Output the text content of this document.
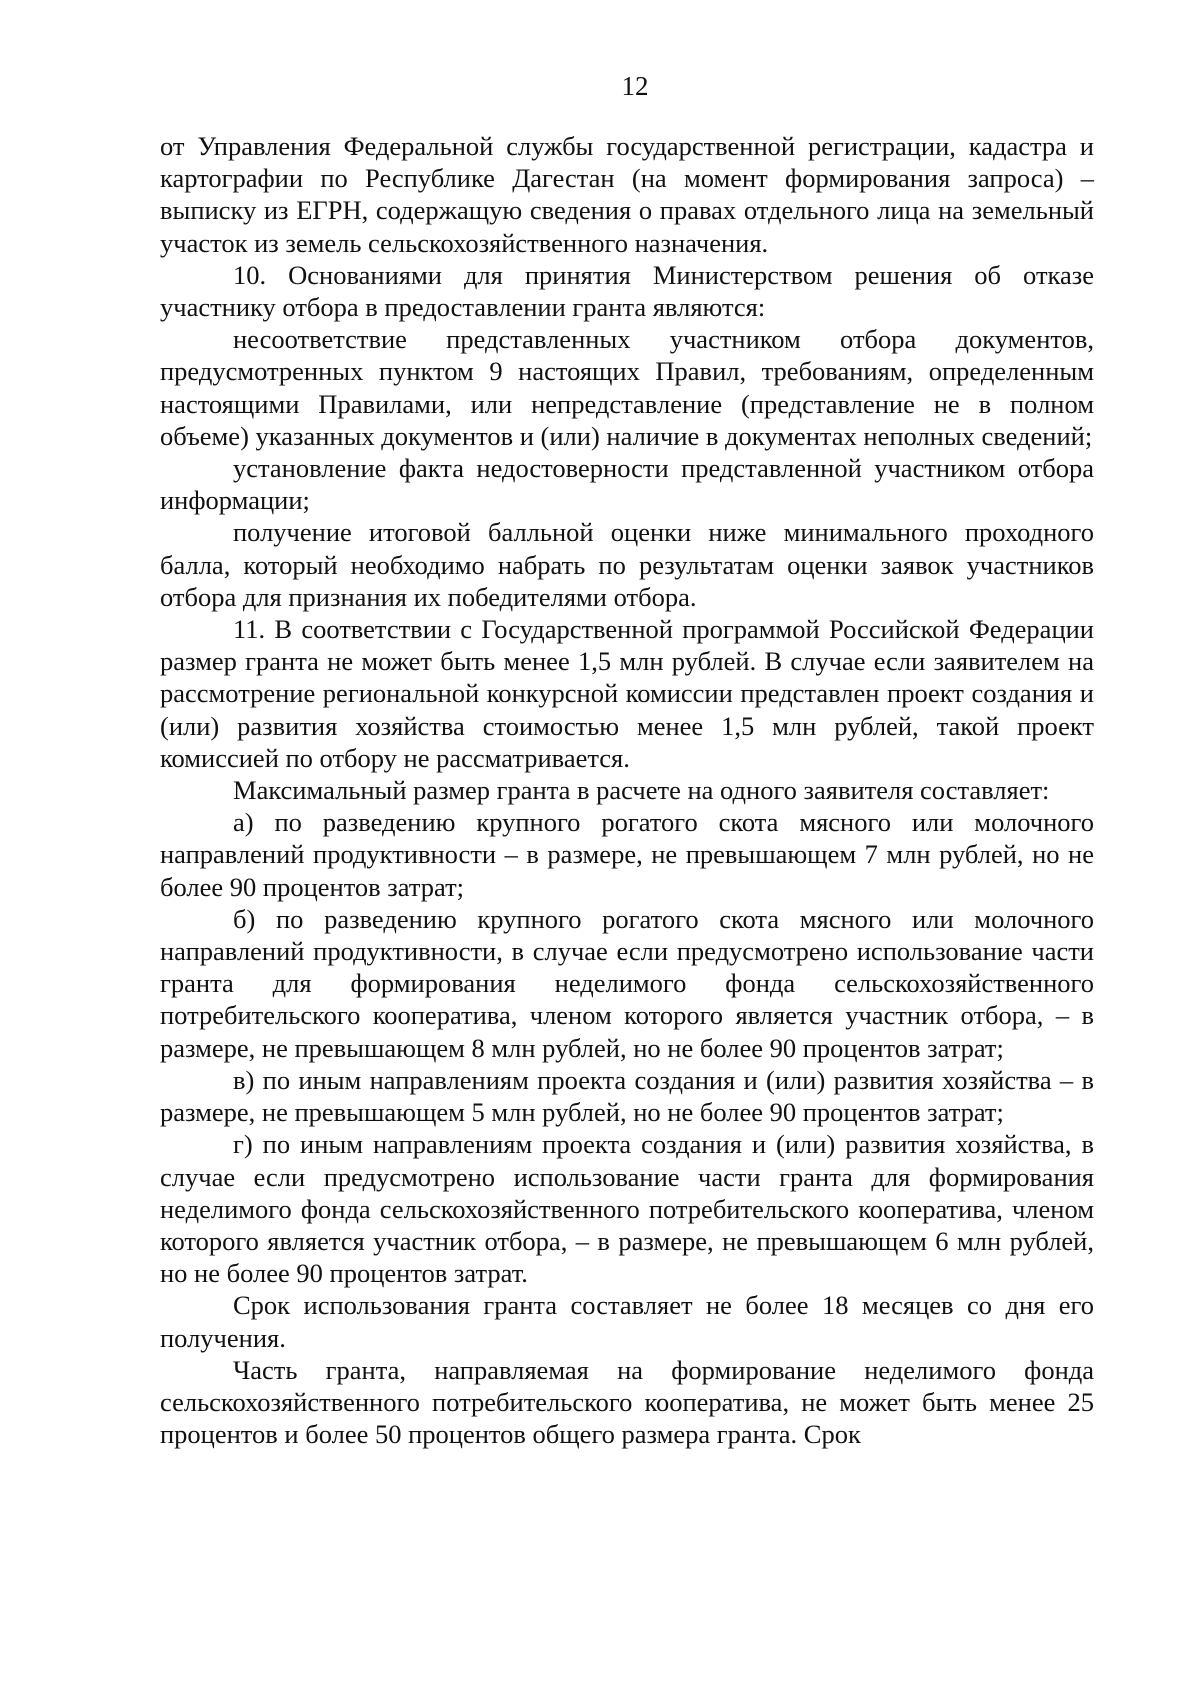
12

от Управления Федеральной службы государственной регистрации, кадастра и картографии по Республике Дагестан (на момент формирования запроса) – выписку из ЕГРН, содержащую сведения о правах отдельного лица на земельный участок из земель сельскохозяйственного назначения.

10. Основаниями для принятия Министерством решения об отказе участнику отбора в предоставлении гранта являются:

несоответствие представленных участником отбора документов, предусмотренных пунктом 9 настоящих Правил, требованиям, определенным настоящими Правилами, или непредставление (представление не в полном объеме) указанных документов и (или) наличие в документах неполных сведений;

установление факта недостоверности представленной участником отбора информации;

получение итоговой балльной оценки ниже минимального проходного балла, который необходимо набрать по результатам оценки заявок участников отбора для признания их победителями отбора.

11. В соответствии с Государственной программой Российской Федерации размер гранта не может быть менее 1,5 млн рублей. В случае если заявителем на рассмотрение региональной конкурсной комиссии представлен проект создания и (или) развития хозяйства стоимостью менее 1,5 млн рублей, такой проект комиссией по отбору не рассматривается.

Максимальный размер гранта в расчете на одного заявителя составляет:

а) по разведению крупного рогатого скота мясного или молочного направлений продуктивности – в размере, не превышающем 7 млн рублей, но не более 90 процентов затрат;

б) по разведению крупного рогатого скота мясного или молочного направлений продуктивности, в случае если предусмотрено использование части гранта для формирования неделимого фонда сельскохозяйственного потребительского кооператива, членом которого является участник отбора, – в размере, не превышающем 8 млн рублей, но не более 90 процентов затрат;

в) по иным направлениям проекта создания и (или) развития хозяйства – в размере, не превышающем 5 млн рублей, но не более 90 процентов затрат;

г) по иным направлениям проекта создания и (или) развития хозяйства, в случае если предусмотрено использование части гранта для формирования неделимого фонда сельскохозяйственного потребительского кооператива, членом которого является участник отбора, – в размере, не превышающем 6 млн рублей, но не более 90 процентов затрат.

Срок использования гранта составляет не более 18 месяцев со дня его получения.

Часть гранта, направляемая на формирование неделимого фонда сельскохозяйственного потребительского кооператива, не может быть менее 25 процентов и более 50 процентов общего размера гранта. Срок
